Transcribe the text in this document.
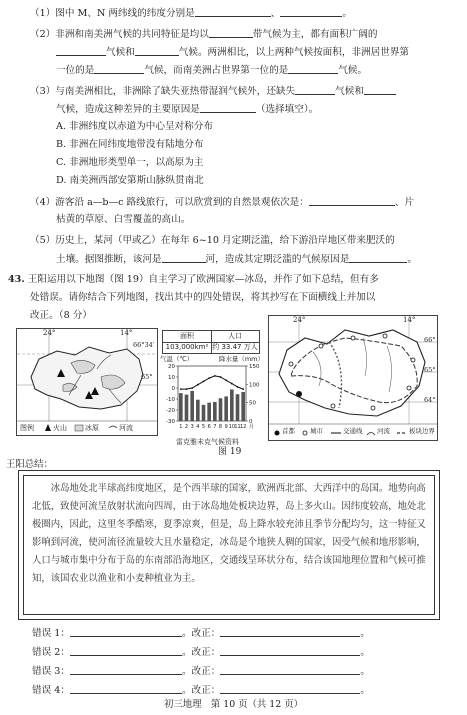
（1）图中 M、N 两纬线的纬度分别是	、	。
（2）非洲和南美洲气候的共同特征是均以	带气候为主，都有面积广阔的
气候和	气候。两洲相比，以上两种气候按面积，非洲居世界第
一位的是	气候，而南美洲占世界第一位的是	气候。
（3）与南美洲相比，非洲除了缺失亚热带湿润气候外，还缺失	气候和
气候，造成这种差异的主要原因是	（选择填空）。
A. 非洲纬度以赤道为中心呈对称分布
B. 非洲在同纬度地带没有陆地分布
C. 非洲地形类型单一，以高原为主
D. 南美洲西部安第斯山脉纵贯南北
（4）游客沿 a—b—c 路线旅行，可以欣赏到的自然景观依次是：	、片
枯黄的草原、白雪覆盖的高山。
（5）历史上，某河（甲或乙）在每年 6~10 月定期泛滥，给下游沿岸地区带来肥沃的
土壤。据图推断，该河是	河，造成其定期泛滥的气候原因是	。
43. 王阳运用以下地图（图 19）自主学习了欧洲国家—冰岛，并作了如下总结，但有多
处错误。请你结合下列地图，找出其中的四处错误，将其抄写在下面横线上并加以
改正。（8 分）
24°	14°
66°34′
65°
图例	火山	冰原	河流
面积	人口
103,000km² 约 33.47 万人
气温（℃）	降水量（mm）
20
10
0
-10
-20
-30
150
100
50
0
1 2 3 4 5 6 7 8 9 10 11 12 月
雷克雅未克气候资料
24°	14°
66°
65°
64°
首都 城市	交通线 河流	板块边界
图 19
王阳总结：
冰岛地处北半球高纬度地区，是个西半球的国家，欧洲西北部、大西洋中的岛国。地势向高北低，致使河流呈放射状流向四周，由于冰岛地处板块边界，岛上多火山。因纬度较高，地处北极圈内，因此，这里冬季酷寒，夏季凉爽，但是，岛上降水较充沛且季节分配均匀，这一特征又影响到河流，使河流径流量较大且水量稳定，冰岛是个地狭人稠的国家，因受气候和地形影响，人口与城市集中分布于岛的东南部沿海地区，交通线呈环状分布，结合该国地理位置和气候可推知，该国农业以渔业和小麦种植业为主。
错误 1：	。改正：	。
错误 2：	。改正：	。
错误 3：	。改正：	。
错误 4：	。改正：	。
初三地理　第 10 页（共 12 页）
